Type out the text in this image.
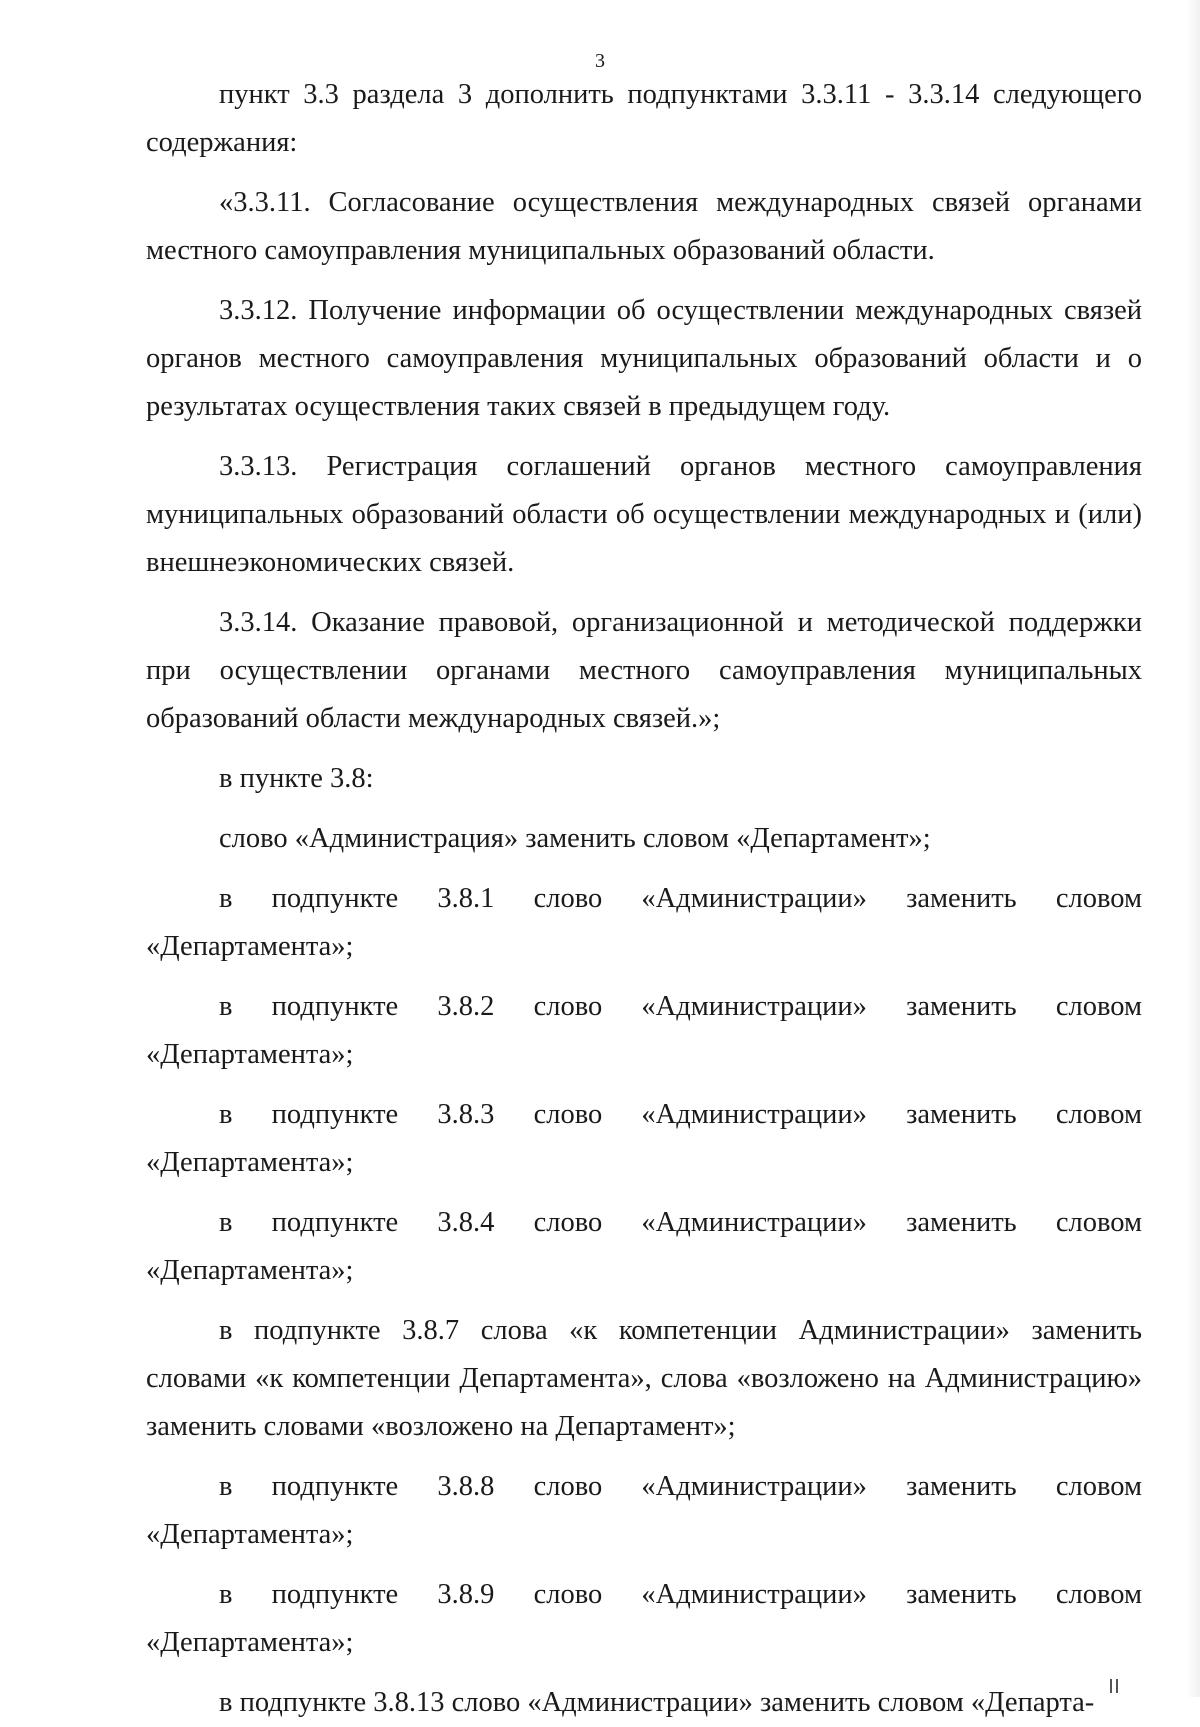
3

пункт 3.3 раздела 3 дополнить подпунктами 3.3.11 - 3.3.14 следующего содержания:

«3.3.11. Согласование осуществления международных связей органами местного самоуправления муниципальных образований области.

3.3.12. Получение информации об осуществлении международных связей органов местного самоуправления муниципальных образований области и о результатах осуществления таких связей в предыдущем году.

3.3.13. Регистрация соглашений органов местного самоуправления муниципальных образований области об осуществлении международных и (или) внешнеэкономических связей.

3.3.14. Оказание правовой, организационной и методической поддержки при осуществлении органами местного самоуправления муниципальных образований области международных связей.»;

в пункте 3.8:

слово «Администрация» заменить словом «Департамент»;

в подпункте 3.8.1 слово «Администрации» заменить словом «Департамента»;

в подпункте 3.8.2 слово «Администрации» заменить словом «Департамента»;

в подпункте 3.8.3 слово «Администрации» заменить словом «Департамента»;

в подпункте 3.8.4 слово «Администрации» заменить словом «Департамента»;

в подпункте 3.8.7 слова «к компетенции Администрации» заменить словами «к компетенции Департамента», слова «возложено на Администрацию» заменить словами «возложено на Департамент»;

в подпункте 3.8.8 слово «Администрации» заменить словом «Департамента»;

в подпункте 3.8.9 слово «Администрации» заменить словом «Департамента»;

в подпункте 3.8.13 слово «Администрации» заменить словом «Департа-
